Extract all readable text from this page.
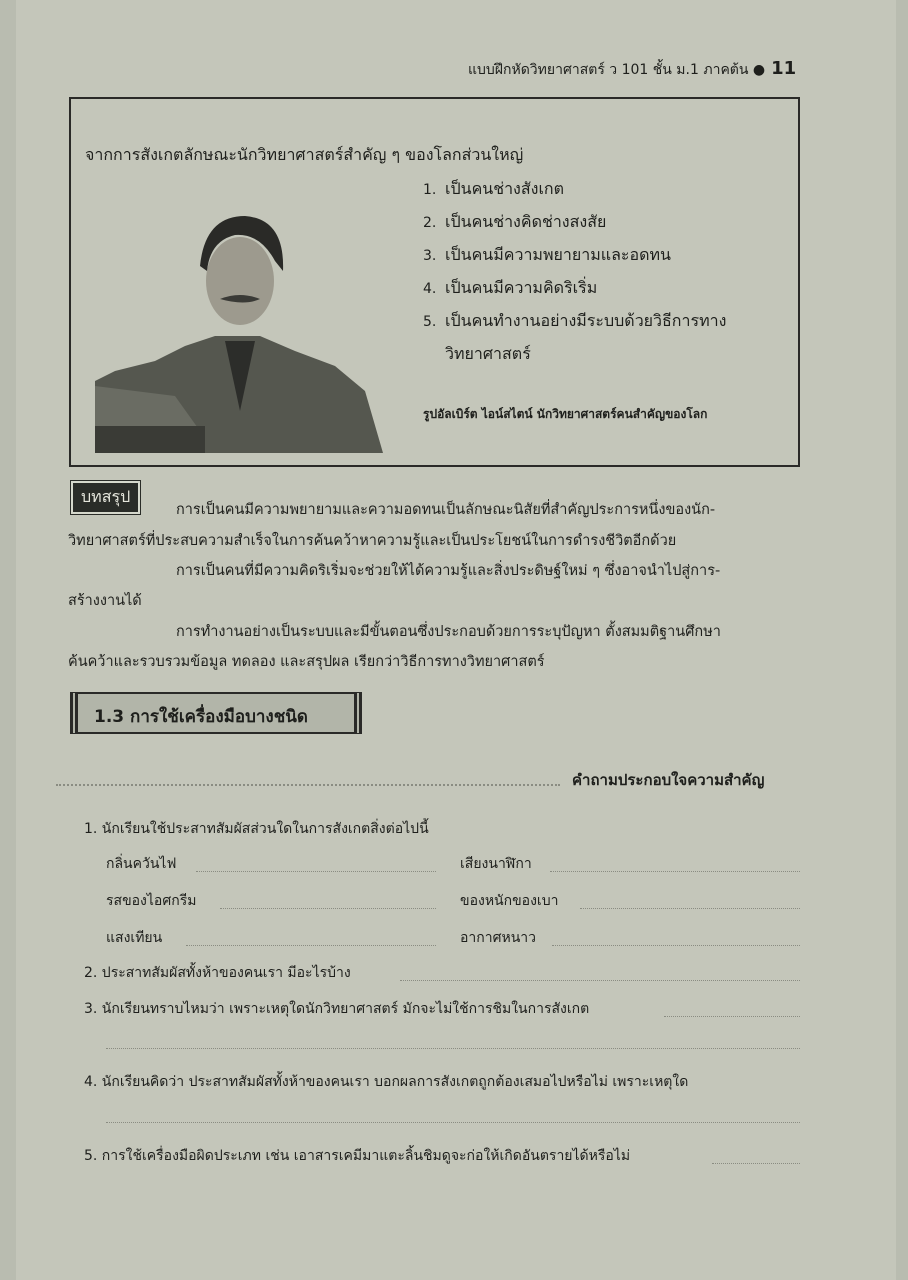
แบบฝึกหัดวิทยาศาสตร์ ว 101 ชั้น ม.1 ภาคต้น ● 11
จากการสังเกตลักษณะนักวิทยาศาสตร์สำคัญ ๆ ของโลกส่วนใหญ่
1. เป็นคนช่างสังเกต
2. เป็นคนช่างคิดช่างสงสัย
3. เป็นคนมีความพยายามและอดทน
4. เป็นคนมีความคิดริเริ่ม
5. เป็นคนทำงานอย่างมีระบบด้วยวิธีการทาง
วิทยาศาสตร์
รูปอัลเบิร์ต ไอน์สไตน์ นักวิทยาศาสตร์คนสำคัญของโลก
บทสรุป
การเป็นคนมีความพยายามและความอดทนเป็นลักษณะนิสัยที่สำคัญประการหนึ่งของนัก-
วิทยาศาสตร์ที่ประสบความสำเร็จในการค้นคว้าหาความรู้และเป็นประโยชน์ในการดำรงชีวิตอีกด้วย
การเป็นคนที่มีความคิดริเริ่มจะช่วยให้ได้ความรู้และสิ่งประดิษฐ์ใหม่ ๆ ซึ่งอาจนำไปสู่การ-
สร้างงานได้
การทำงานอย่างเป็นระบบและมีขั้นตอนซึ่งประกอบด้วยการระบุปัญหา ตั้งสมมติฐานศึกษา
ค้นคว้าและรวบรวมข้อมูล ทดลอง และสรุปผล เรียกว่าวิธีการทางวิทยาศาสตร์
1.3 การใช้เครื่องมือบางชนิด
คำถามประกอบใจความสำคัญ
1. นักเรียนใช้ประสาทสัมผัสส่วนใดในการสังเกตสิ่งต่อไปนี้
กลิ่นควันไฟ	เสียงนาฬิกา
รสของไอศกรีม	ของหนักของเบา
แสงเทียน	อากาศหนาว
2. ประสาทสัมผัสทั้งห้าของคนเรา มีอะไรบ้าง
3. นักเรียนทราบไหมว่า เพราะเหตุใดนักวิทยาศาสตร์ มักจะไม่ใช้การชิมในการสังเกต
4. นักเรียนคิดว่า ประสาทสัมผัสทั้งห้าของคนเรา บอกผลการสังเกตถูกต้องเสมอไปหรือไม่ เพราะเหตุใด
5. การใช้เครื่องมือผิดประเภท เช่น เอาสารเคมีมาแตะลิ้นชิมดูจะก่อให้เกิดอันตรายได้หรือไม่
